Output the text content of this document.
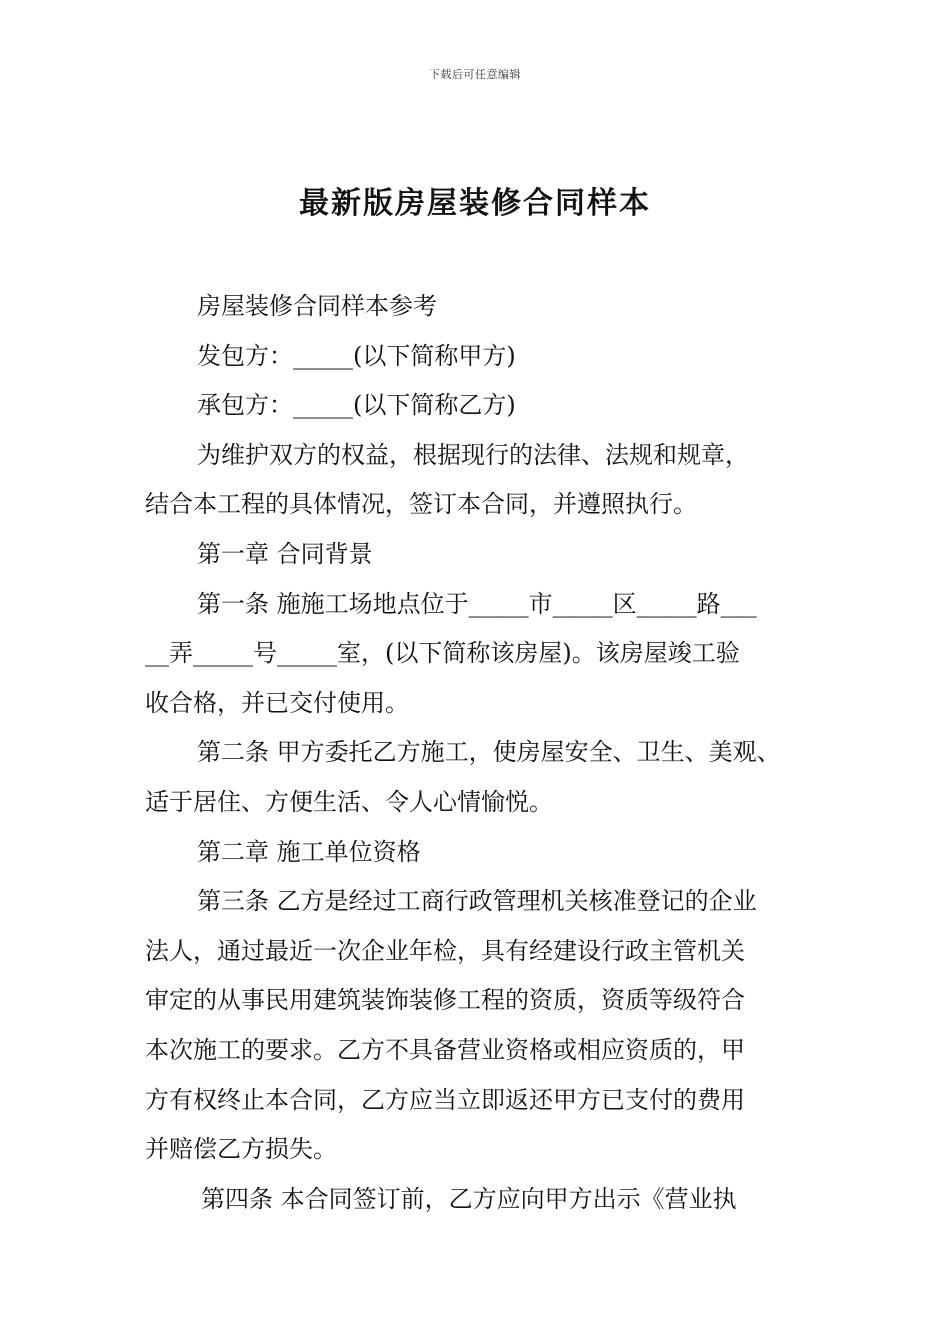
下载后可任意编辑
最新版房屋装修合同样本
房屋装修合同样本参考
发包方：_____(以下简称甲方)
承包方：_____(以下简称乙方)
为维护双方的权益，根据现行的法律、法规和规章，
结合本工程的具体情况，签订本合同，并遵照执行。
第一章 合同背景
第一条 施施工场地点位于_____市_____区_____路___
__弄_____号_____室，(以下简称该房屋)。该房屋竣工验
收合格，并已交付使用。
第二条 甲方委托乙方施工，使房屋安全、卫生、美观、
适于居住、方便生活、令人心情愉悦。
第二章 施工单位资格
第三条 乙方是经过工商行政管理机关核准登记的企业
法人，通过最近一次企业年检，具有经建设行政主管机关
审定的从事民用建筑装饰装修工程的资质，资质等级符合
本次施工的要求。乙方不具备营业资格或相应资质的，甲
方有权终止本合同，乙方应当立即返还甲方已支付的费用
并赔偿乙方损失。
第四条 本合同签订前，乙方应向甲方出示《营业执
